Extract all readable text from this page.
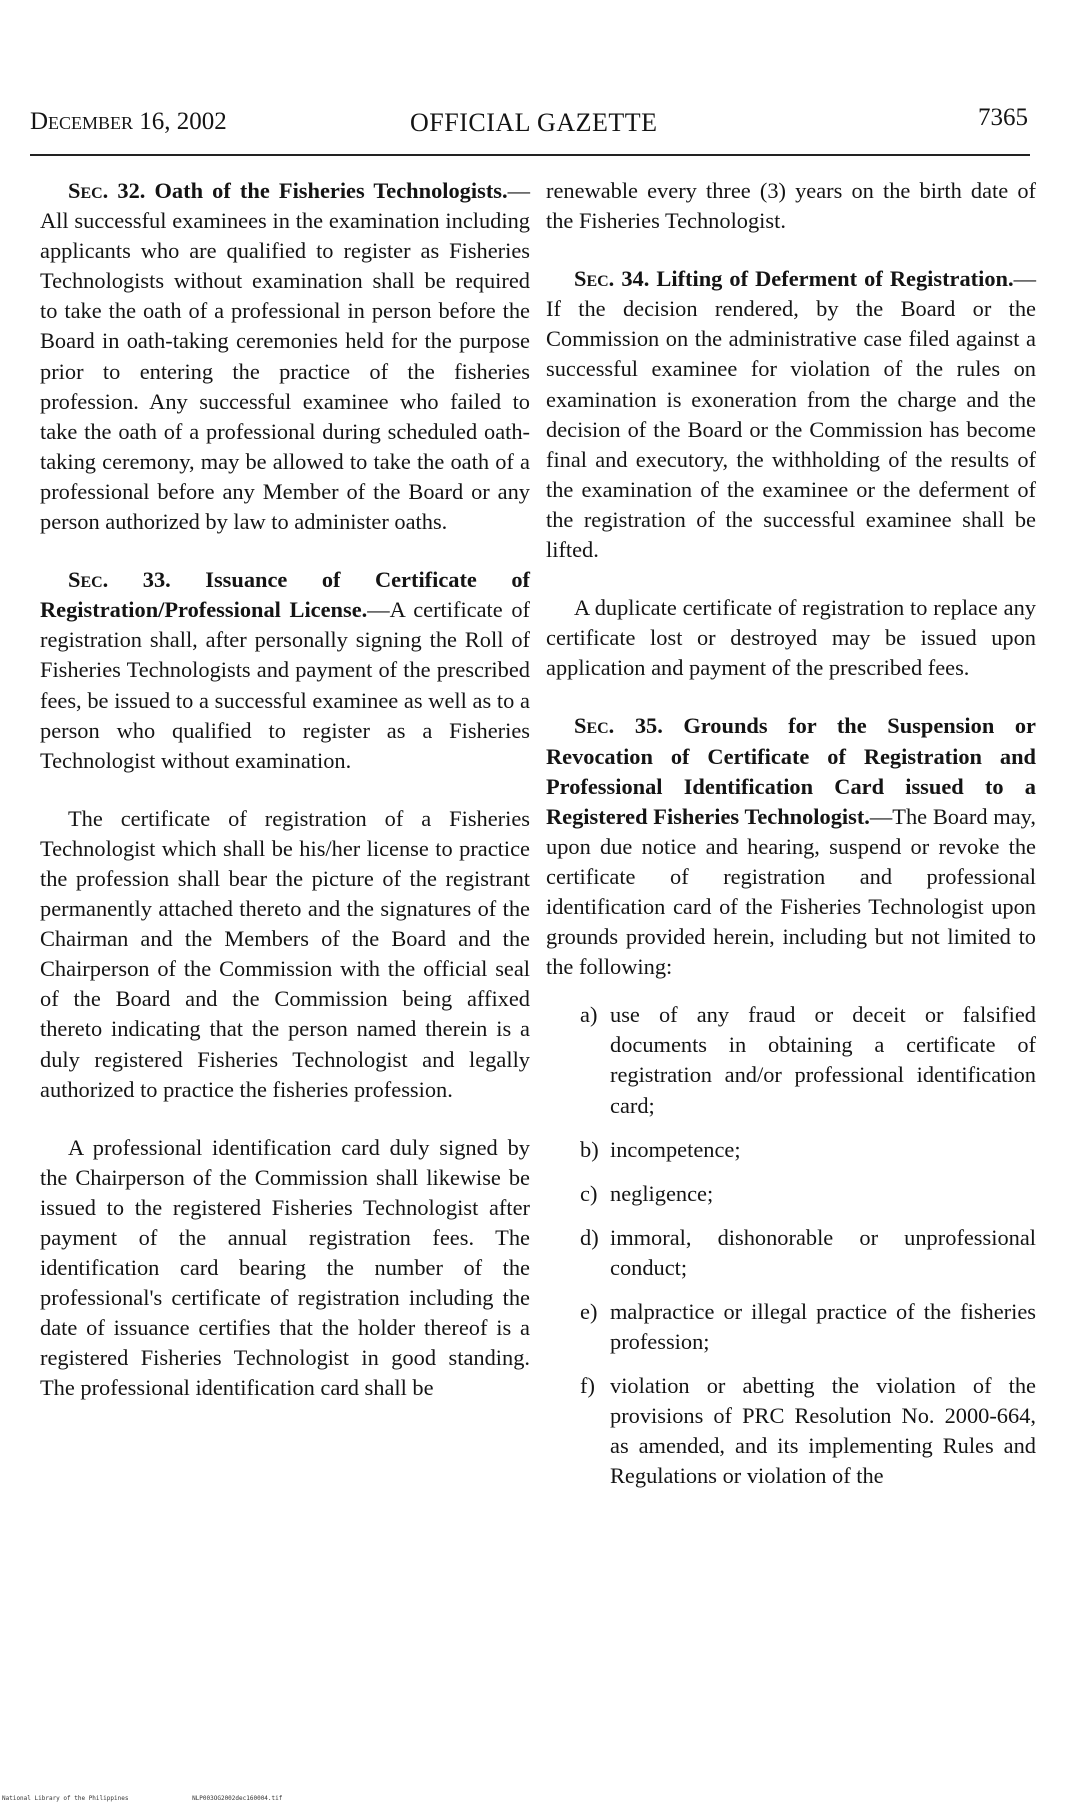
December 16, 2002	OFFICIAL GAZETTE	7365

Sec. 32. Oath of the Fisheries Technologists.—All successful examinees in the examination including applicants who are qualified to register as Fisheries Technologists without examination shall be required to take the oath of a professional in person before the Board in oath-taking ceremonies held for the purpose prior to entering the practice of the fisheries profession. Any successful examinee who failed to take the oath of a professional during scheduled oath-taking ceremony, may be allowed to take the oath of a professional before any Member of the Board or any person authorized by law to administer oaths.

Sec. 33. Issuance of Certificate of Registration/Professional License.—A certificate of registration shall, after personally signing the Roll of Fisheries Technologists and payment of the prescribed fees, be issued to a successful examinee as well as to a person who qualified to register as a Fisheries Technologist without examination.

The certificate of registration of a Fisheries Technologist which shall be his/her license to practice the profession shall bear the picture of the registrant permanently attached thereto and the signatures of the Chairman and the Members of the Board and the Chairperson of the Commission with the official seal of the Board and the Commission being affixed thereto indicating that the person named therein is a duly registered Fisheries Technologist and legally authorized to practice the fisheries profession.

A professional identification card duly signed by the Chairperson of the Commission shall likewise be issued to the registered Fisheries Technologist after payment of the annual registration fees. The identification card bearing the number of the professional's certificate of registration including the date of issuance certifies that the holder thereof is a registered Fisheries Technologist in good standing. The professional identification card shall be

renewable every three (3) years on the birth date of the Fisheries Technologist.

Sec. 34. Lifting of Deferment of Registration.—If the decision rendered, by the Board or the Commission on the administrative case filed against a successful examinee for violation of the rules on examination is exoneration from the charge and the decision of the Board or the Commission has become final and executory, the withholding of the results of the examination of the examinee or the deferment of the registration of the successful examinee shall be lifted.

A duplicate certificate of registration to replace any certificate lost or destroyed may be issued upon application and payment of the prescribed fees.

Sec. 35. Grounds for the Suspension or Revocation of Certificate of Registration and Professional Identification Card issued to a Registered Fisheries Technologist.—The Board may, upon due notice and hearing, suspend or revoke the certificate of registration and professional identification card of the Fisheries Technologist upon grounds provided herein, including but not limited to the following:

a) use of any fraud or deceit or falsified documents in obtaining a certificate of registration and/or professional identification card;
b) incompetence;
c) negligence;
d) immoral, dishonorable or unprofessional conduct;
e) malpractice or illegal practice of the fisheries profession;
f) violation or abetting the violation of the provisions of PRC Resolution No. 2000-664, as amended, and its implementing Rules and Regulations or violation of the
National Library of the Philippines	NLP003OG2002dec160004.tif
